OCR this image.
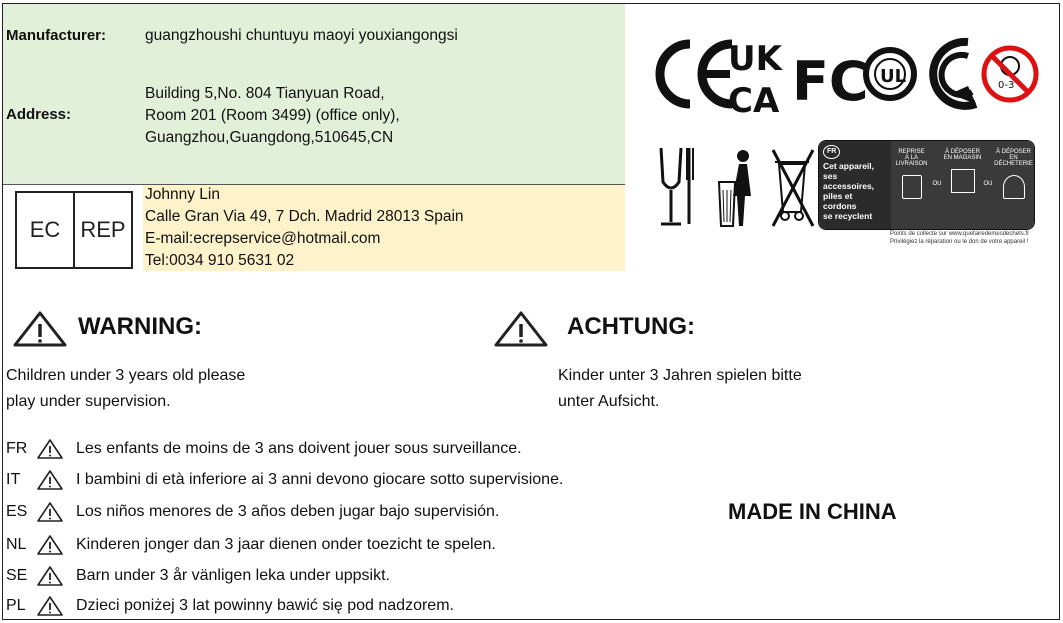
Manufacturer:	guangzhoushi chuntuyu maoyi youxiangongsi
Address:
Building 5,No. 804 Tianyuan Road,
Room 201 (Room 3499) (office only),
Guangzhou,Guangdong,510645,CN
EC REP
Johnny Lin
Calle Gran Via 49, 7 Dch. Madrid 28013 Spain
E-mail:ecrepservice@hotmail.com
Tel:0034 910 5631 02
UK
CA FC UL	0-3
FR
Cet appareil,
ses accessoires,
piles et cordons
se recyclent
REPRISE
À LA LIVRAISON
OU
À DÉPOSER
EN MAGASIN
OU
À DÉPOSER
EN DÉCHETERIE
Points de collecte sur www.quefairedemesdechets.fr
Privilégiez la réparation ou le don de votre appareil !
WARNING:
Children under 3 years old please
play under supervision.
ACHTUNG:
Kinder unter 3 Jahren spielen bitte
unter Aufsicht.
FR	Les enfants de moins de 3 ans doivent jouer sous surveillance.
IT	I bambini di età inferiore ai 3 anni devono giocare sotto supervisione.
ES	Los niños menores de 3 años deben jugar bajo supervisión.
NL	Kinderen jonger dan 3 jaar dienen onder toezicht te spelen.
SE	Barn under 3 år vänligen leka under uppsikt.
PL	Dzieci poniżej 3 lat powinny bawić się pod nadzorem.
MADE IN CHINA
